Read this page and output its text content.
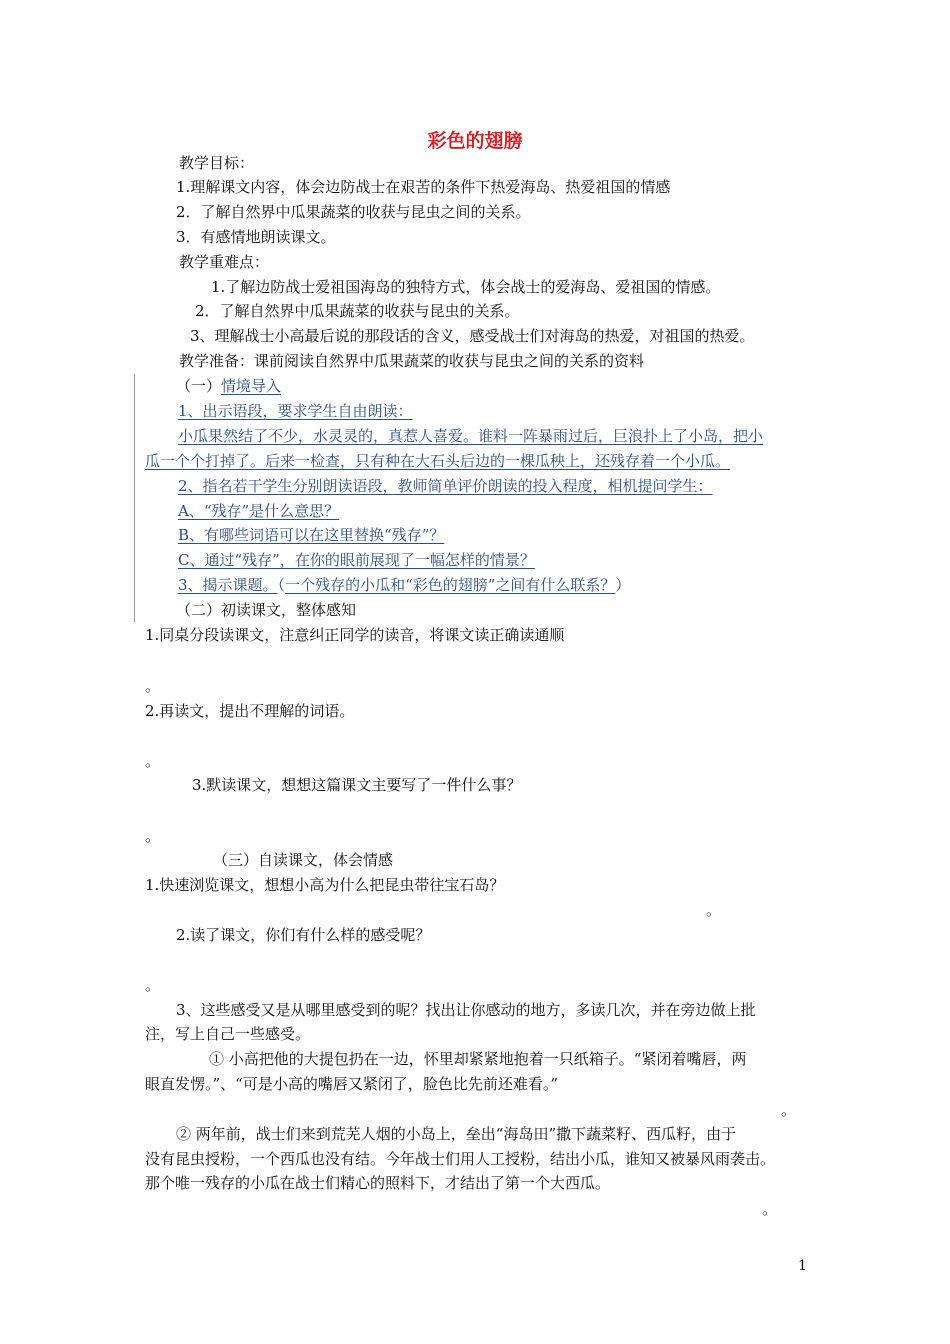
彩色的翅膀
教学目标：
1.理解课文内容，体会边防战士在艰苦的条件下热爱海岛、热爱祖国的情感
2．了解自然界中瓜果蔬菜的收获与昆虫之间的关系。
3．有感情地朗读课文。
教学重难点：
1.了解边防战士爱祖国海岛的独特方式，体会战士的爱海岛、爱祖国的情感。
2．了解自然界中瓜果蔬菜的收获与昆虫的关系。
3、理解战士小高最后说的那段话的含义，感受战士们对海岛的热爱，对祖国的热爱。
教学准备：课前阅读自然界中瓜果蔬菜的收获与昆虫之间的关系的资料
（一）情境导入
1、出示语段，要求学生自由朗读：
小瓜果然结了不少，水灵灵的，真惹人喜爱。谁料一阵暴雨过后，巨浪扑上了小岛，把小
瓜一个个打掉了。后来一检查，只有种在大石头后边的一棵瓜秧上，还残存着一个小瓜。
2、指名若干学生分别朗读语段，教师简单评价朗读的投入程度，相机提问学生：
A、“残存”是什么意思？
B、有哪些词语可以在这里替换“残存”？
C、通过“残存”，在你的眼前展现了一幅怎样的情景？
3、揭示课题。（一个残存的小瓜和“彩色的翅膀”之间有什么联系？）
（二）初读课文，整体感知
1.同桌分段读课文，注意纠正同学的读音，将课文读正确读通顺
。
2.再读文，提出不理解的词语。
。
3.默读课文，想想这篇课文主要写了一件什么事？
。
（三）自读课文，体会情感
1.快速浏览课文，想想小高为什么把昆虫带往宝石岛？
。
2.读了课文，你们有什么样的感受呢？
。
3、这些感受又是从哪里感受到的呢？找出让你感动的地方，多读几次，并在旁边做上批
注，写上自己一些感受。
① 小高把他的大提包扔在一边，怀里却紧紧地抱着一只纸箱子。“紧闭着嘴唇，两
眼直发愣。”、“可是小高的嘴唇又紧闭了，脸色比先前还难看。”
。
② 两年前，战士们来到荒芜人烟的小岛上，垒出“海岛田”撒下蔬菜籽、西瓜籽，由于
没有昆虫授粉，一个西瓜也没有结。今年战士们用人工授粉，结出小瓜，谁知又被暴风雨袭击。
那个唯一残存的小瓜在战士们精心的照料下，才结出了第一个大西瓜。
。
1
